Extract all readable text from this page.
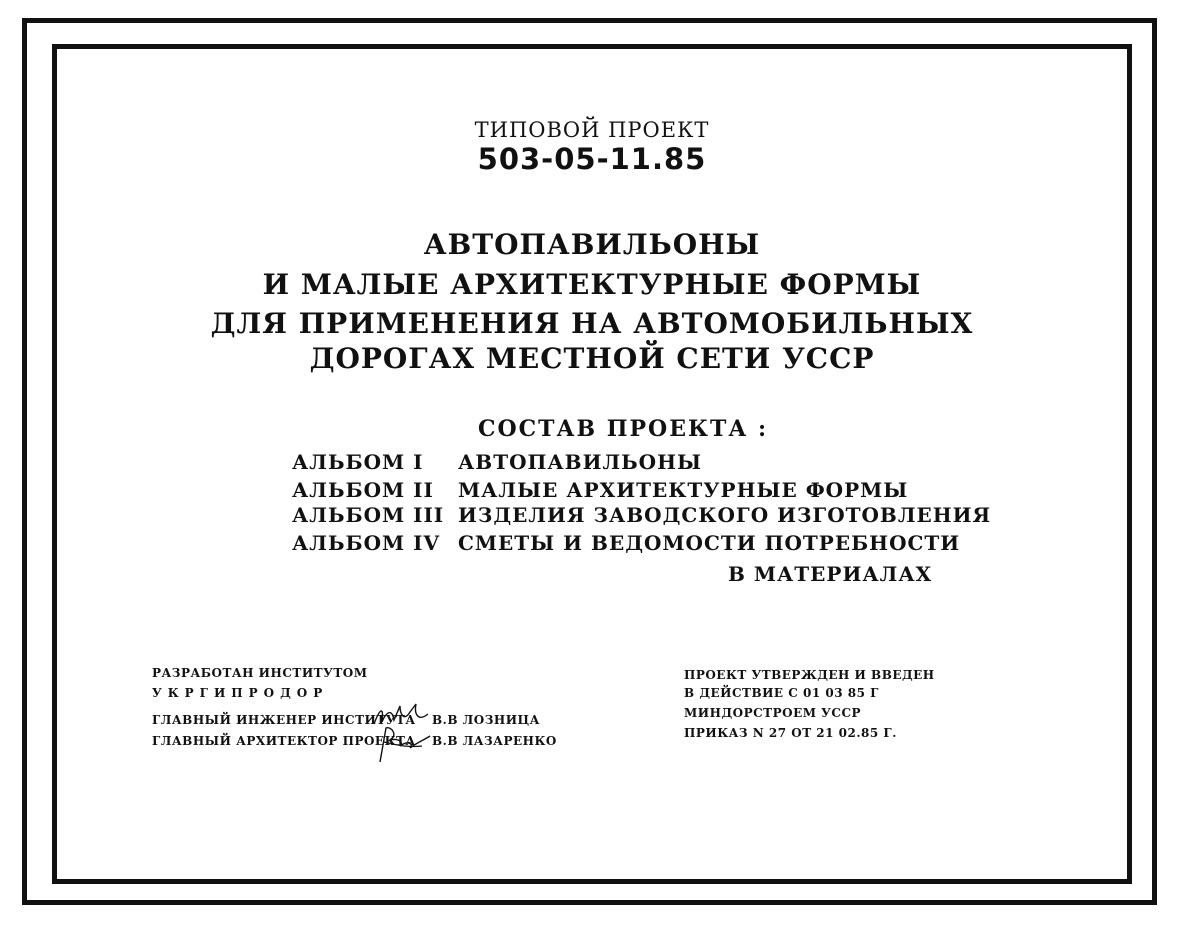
ТИПОВОЙ ПРОЕКТ
503-05-11.85
АВТОПАВИЛЬОНЫ
И МАЛЫЕ АРХИТЕКТУРНЫЕ ФОРМЫ
ДЛЯ ПРИМЕНЕНИЯ НА АВТОМОБИЛЬНЫХ
ДОРОГАХ МЕСТНОЙ СЕТИ УССР
СОСТАВ ПРОЕКТА :
АЛЬБОМ I АВТОПАВИЛЬОНЫ
АЛЬБОМ II МАЛЫЕ АРХИТЕКТУРНЫЕ ФОРМЫ
АЛЬБОМ III ИЗДЕЛИЯ ЗАВОДСКОГО ИЗГОТОВЛЕНИЯ
АЛЬБОМ IV СМЕТЫ И ВЕДОМОСТИ ПОТРЕБНОСТИ
В МАТЕРИАЛАХ
РАЗРАБОТАН ИНСТИТУТОМ
УКРГИПРОДОР
ГЛАВНЫЙ ИНЖЕНЕР ИНСТИТУТА В.В ЛОЗНИЦА
ГЛАВНЫЙ АРХИТЕКТОР ПРОЕКТА В.В ЛАЗАРЕНКО
ПРОЕКТ УТВЕРЖДЕН И ВВЕДЕН
В ДЕЙСТВИЕ С 01 03 85 Г
МИНДОРСТРОЕМ УССР
ПРИКАЗ N 27 ОТ 21 02.85 Г.
